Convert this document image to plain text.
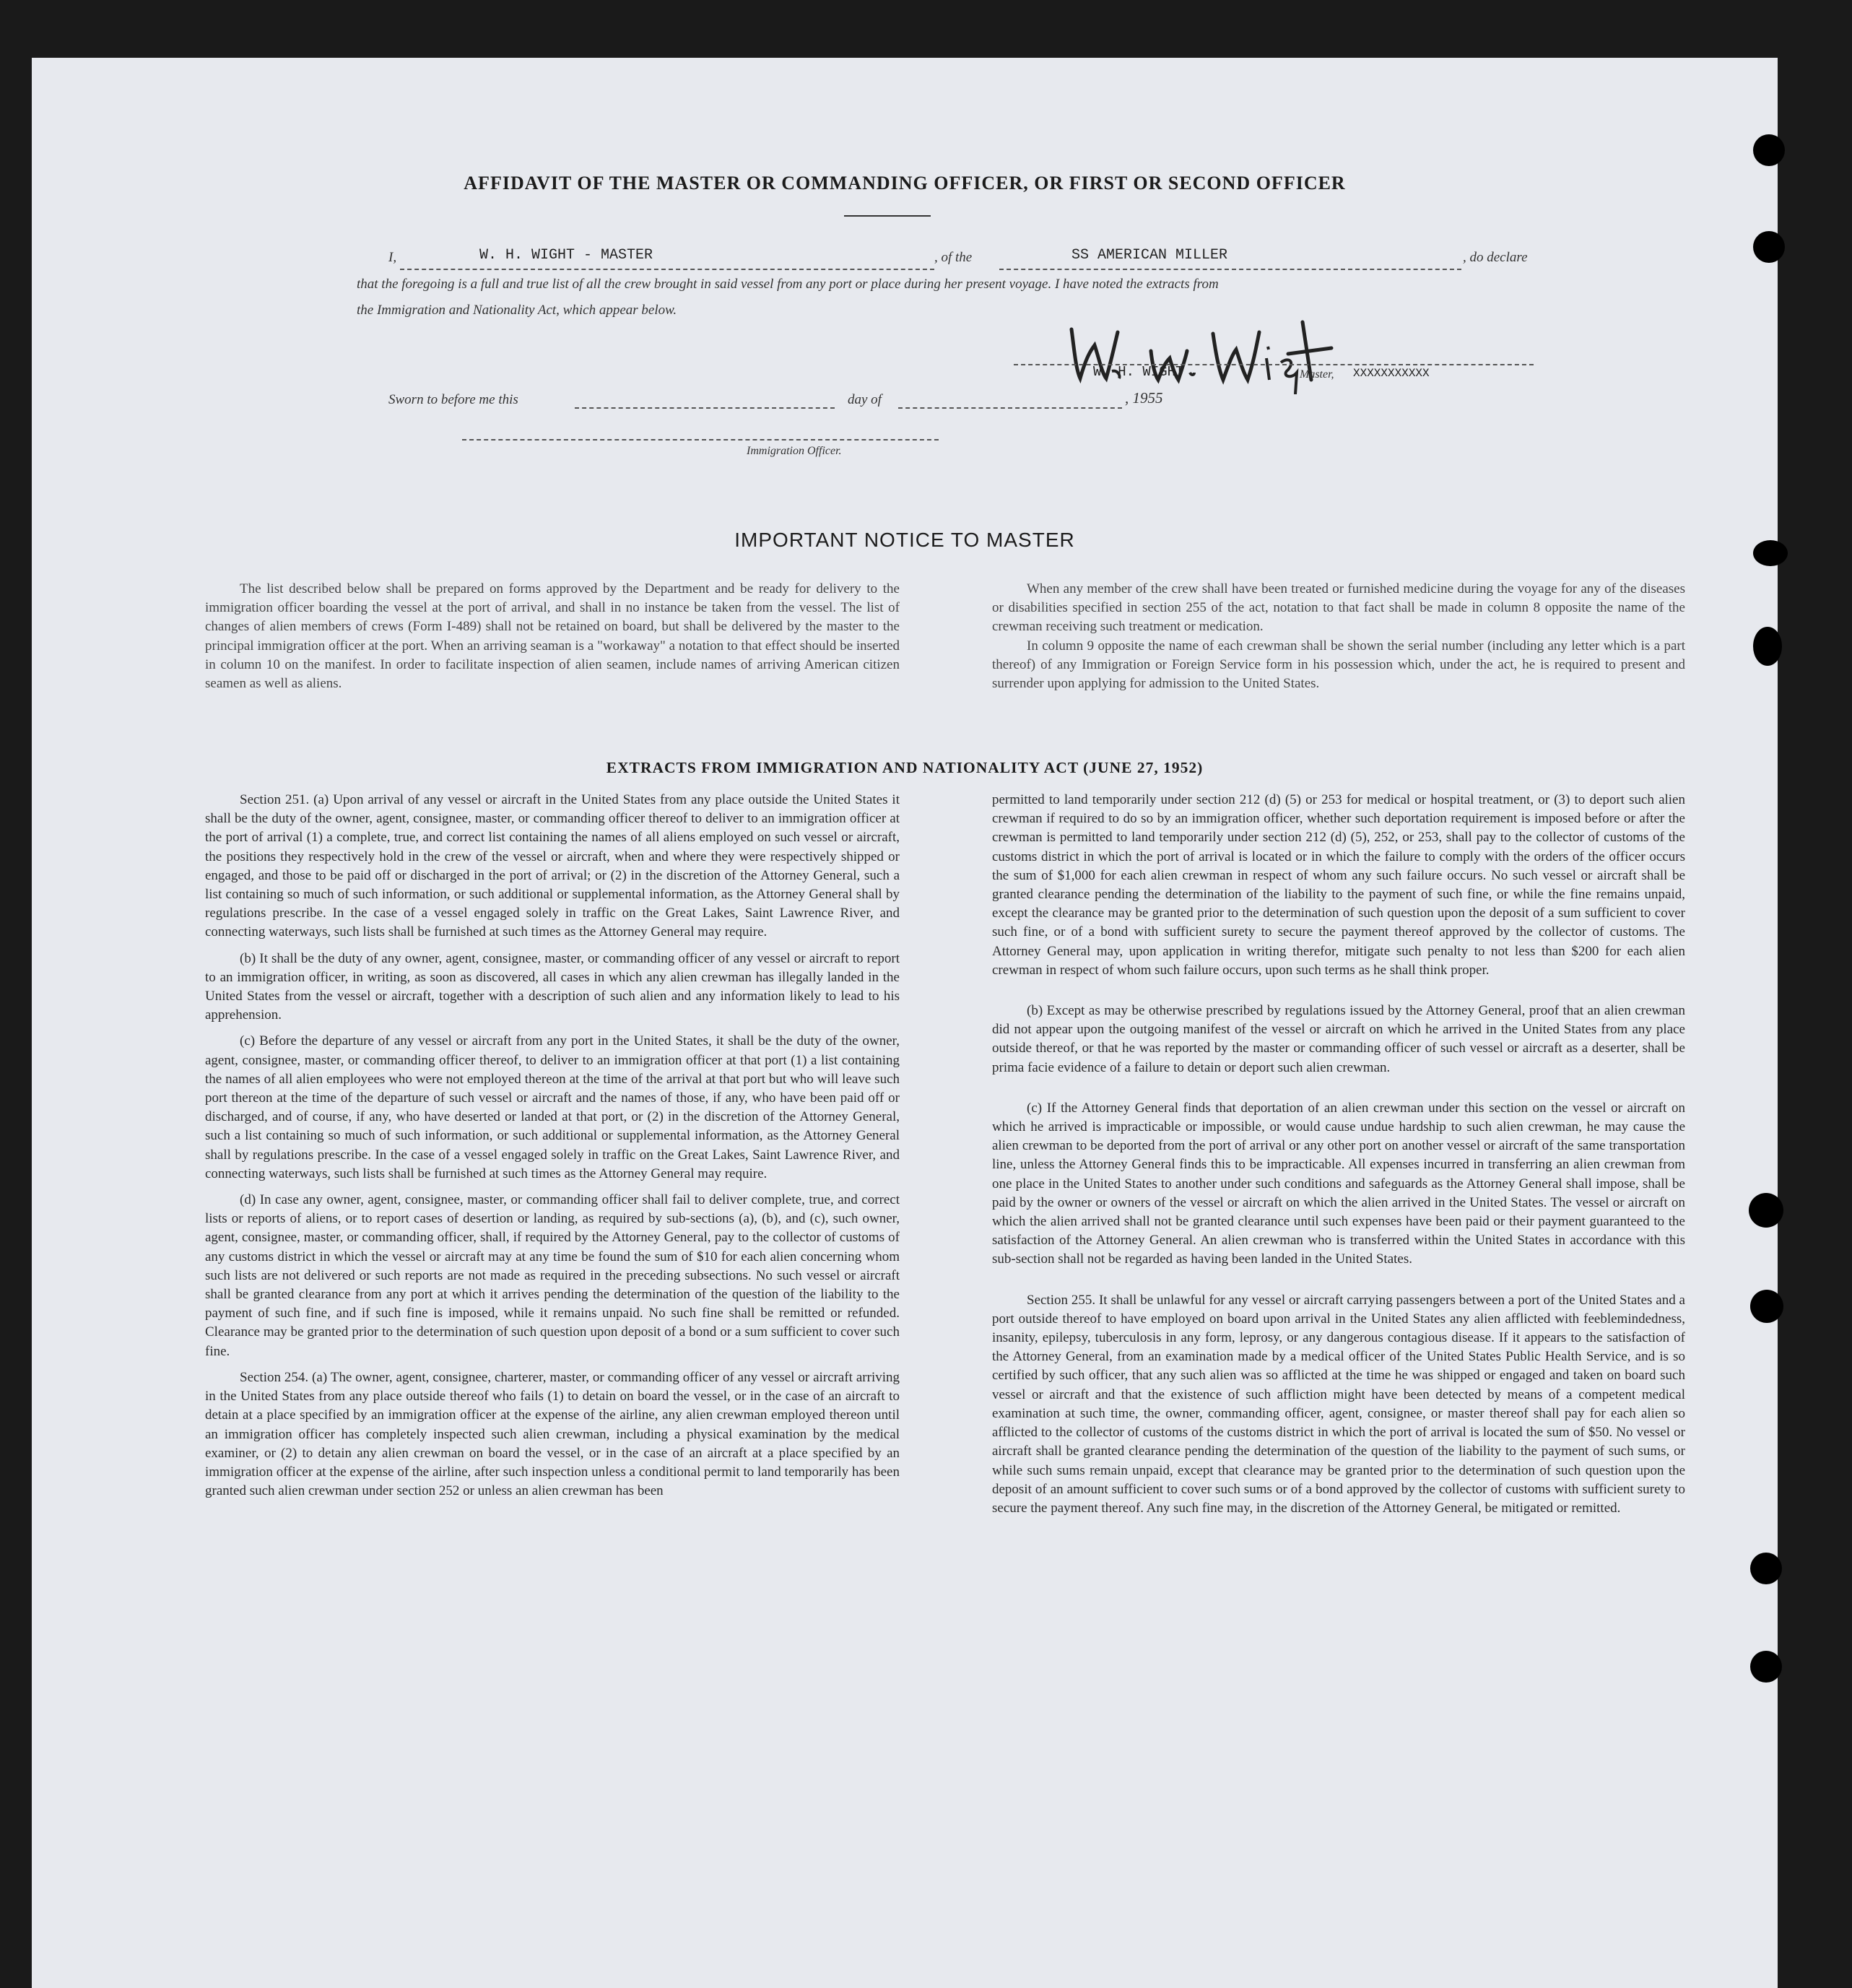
AFFIDAVIT OF THE MASTER OR COMMANDING OFFICER, OR FIRST OR SECOND OFFICER
I,	W. H. WIGHT - MASTER	, of the	SS AMERICAN MILLER	, do declare
that the foregoing is a full and true list of all the crew brought in said vessel from any port or place during her present voyage. I have noted the extracts from
the Immigration and Nationality Act, which appear below.
W. H. WIGHT	Master, XXXXXXXXXXX
Sworn to before me this	day of	, 1955
Immigration Officer.
IMPORTANT NOTICE TO MASTER

The list described below shall be prepared on forms approved by the Department and be ready for delivery to the immigration officer boarding the vessel at the port of arrival, and shall in no instance be taken from the vessel. The list of changes of alien members of crews (Form I-489) shall not be retained on board, but shall be delivered by the master to the principal immigration officer at the port. When an arriving seaman is a "workaway" a notation to that effect should be inserted in column 10 on the manifest. In order to facilitate inspection of alien seamen, include names of arriving American citizen seamen as well as aliens.

When any member of the crew shall have been treated or furnished medicine during the voyage for any of the diseases or disabilities specified in section 255 of the act, notation to that fact shall be made in column 8 opposite the name of the crewman receiving such treatment or medication.

In column 9 opposite the name of each crewman shall be shown the serial number (including any letter which is a part thereof) of any Immigration or Foreign Service form in his possession which, under the act, he is required to present and surrender upon applying for admission to the United States.

EXTRACTS FROM IMMIGRATION AND NATIONALITY ACT (JUNE 27, 1952)

Section 251. (a) Upon arrival of any vessel or aircraft in the United States from any place outside the United States it shall be the duty of the owner, agent, consignee, master, or commanding officer thereof to deliver to an immigration officer at the port of arrival (1) a complete, true, and correct list containing the names of all aliens employed on such vessel or aircraft, the positions they respectively hold in the crew of the vessel or aircraft, when and where they were respectively shipped or engaged, and those to be paid off or discharged in the port of arrival; or (2) in the discretion of the Attorney General, such a list containing so much of such information, or such additional or supplemental information, as the Attorney General shall by regulations prescribe. In the case of a vessel engaged solely in traffic on the Great Lakes, Saint Lawrence River, and connecting waterways, such lists shall be furnished at such times as the Attorney General may require.

(b) It shall be the duty of any owner, agent, consignee, master, or commanding officer of any vessel or aircraft to report to an immigration officer, in writing, as soon as discovered, all cases in which any alien crewman has illegally landed in the United States from the vessel or aircraft, together with a description of such alien and any information likely to lead to his apprehension.

(c) Before the departure of any vessel or aircraft from any port in the United States, it shall be the duty of the owner, agent, consignee, master, or commanding officer thereof, to deliver to an immigration officer at that port (1) a list containing the names of all alien employees who were not employed thereon at the time of the arrival at that port but who will leave such port thereon at the time of the departure of such vessel or aircraft and the names of those, if any, who have been paid off or discharged, and of course, if any, who have deserted or landed at that port, or (2) in the discretion of the Attorney General, such a list containing so much of such information, or such additional or supplemental information, as the Attorney General shall by regulations prescribe. In the case of a vessel engaged solely in traffic on the Great Lakes, Saint Lawrence River, and connecting waterways, such lists shall be furnished at such times as the Attorney General may require.

(d) In case any owner, agent, consignee, master, or commanding officer shall fail to deliver complete, true, and correct lists or reports of aliens, or to report cases of desertion or landing, as required by sub-sections (a), (b), and (c), such owner, agent, consignee, master, or commanding officer, shall, if required by the Attorney General, pay to the collector of customs of any customs district in which the vessel or aircraft may at any time be found the sum of $10 for each alien concerning whom such lists are not delivered or such reports are not made as required in the preceding subsections. No such vessel or aircraft shall be granted clearance from any port at which it arrives pending the determination of the question of the liability to the payment of such fine, and if such fine is imposed, while it remains unpaid. No such fine shall be remitted or refunded. Clearance may be granted prior to the determination of such question upon deposit of a bond or a sum sufficient to cover such fine.

Section 254. (a) The owner, agent, consignee, charterer, master, or commanding officer of any vessel or aircraft arriving in the United States from any place outside thereof who fails (1) to detain on board the vessel, or in the case of an aircraft to detain at a place specified by an immigration officer at the expense of the airline, any alien crewman employed thereon until an immigration officer has completely inspected such alien crewman, including a physical examination by the medical examiner, or (2) to detain any alien crewman on board the vessel, or in the case of an aircraft at a place specified by an immigration officer at the expense of the airline, after such inspection unless a conditional permit to land temporarily has been granted such alien crewman under section 252 or unless an alien crewman has been

permitted to land temporarily under section 212 (d) (5) or 253 for medical or hospital treatment, or (3) to deport such alien crewman if required to do so by an immigration officer, whether such deportation requirement is imposed before or after the crewman is permitted to land temporarily under section 212 (d) (5), 252, or 253, shall pay to the collector of customs of the customs district in which the port of arrival is located or in which the failure to comply with the orders of the officer occurs the sum of $1,000 for each alien crewman in respect of whom any such failure occurs. No such vessel or aircraft shall be granted clearance pending the determination of the liability to the payment of such fine, or while the fine remains unpaid, except the clearance may be granted prior to the determination of such question upon the deposit of a sum sufficient to cover such fine, or of a bond with sufficient surety to secure the payment thereof approved by the collector of customs. The Attorney General may, upon application in writing therefor, mitigate such penalty to not less than $200 for each alien crewman in respect of whom such failure occurs, upon such terms as he shall think proper.

(b) Except as may be otherwise prescribed by regulations issued by the Attorney General, proof that an alien crewman did not appear upon the outgoing manifest of the vessel or aircraft on which he arrived in the United States from any place outside thereof, or that he was reported by the master or commanding officer of such vessel or aircraft as a deserter, shall be prima facie evidence of a failure to detain or deport such alien crewman.

(c) If the Attorney General finds that deportation of an alien crewman under this section on the vessel or aircraft on which he arrived is impracticable or impossible, or would cause undue hardship to such alien crewman, he may cause the alien crewman to be deported from the port of arrival or any other port on another vessel or aircraft of the same transportation line, unless the Attorney General finds this to be impracticable. All expenses incurred in transferring an alien crewman from one place in the United States to another under such conditions and safeguards as the Attorney General shall impose, shall be paid by the owner or owners of the vessel or aircraft on which the alien arrived in the United States. The vessel or aircraft on which the alien arrived shall not be granted clearance until such expenses have been paid or their payment guaranteed to the satisfaction of the Attorney General. An alien crewman who is transferred within the United States in accordance with this sub-section shall not be regarded as having been landed in the United States.

Section 255. It shall be unlawful for any vessel or aircraft carrying passengers between a port of the United States and a port outside thereof to have employed on board upon arrival in the United States any alien afflicted with feeblemindedness, insanity, epilepsy, tuberculosis in any form, leprosy, or any dangerous contagious disease. If it appears to the satisfaction of the Attorney General, from an examination made by a medical officer of the United States Public Health Service, and is so certified by such officer, that any such alien was so afflicted at the time he was shipped or engaged and taken on board such vessel or aircraft and that the existence of such affliction might have been detected by means of a competent medical examination at such time, the owner, commanding officer, agent, consignee, or master thereof shall pay for each alien so afflicted to the collector of customs of the customs district in which the port of arrival is located the sum of $50. No vessel or aircraft shall be granted clearance pending the determination of the question of the liability to the payment of such sums, or while such sums remain unpaid, except that clearance may be granted prior to the determination of such question upon the deposit of an amount sufficient to cover such sums or of a bond approved by the collector of customs with sufficient surety to secure the payment thereof. Any such fine may, in the discretion of the Attorney General, be mitigated or remitted.
